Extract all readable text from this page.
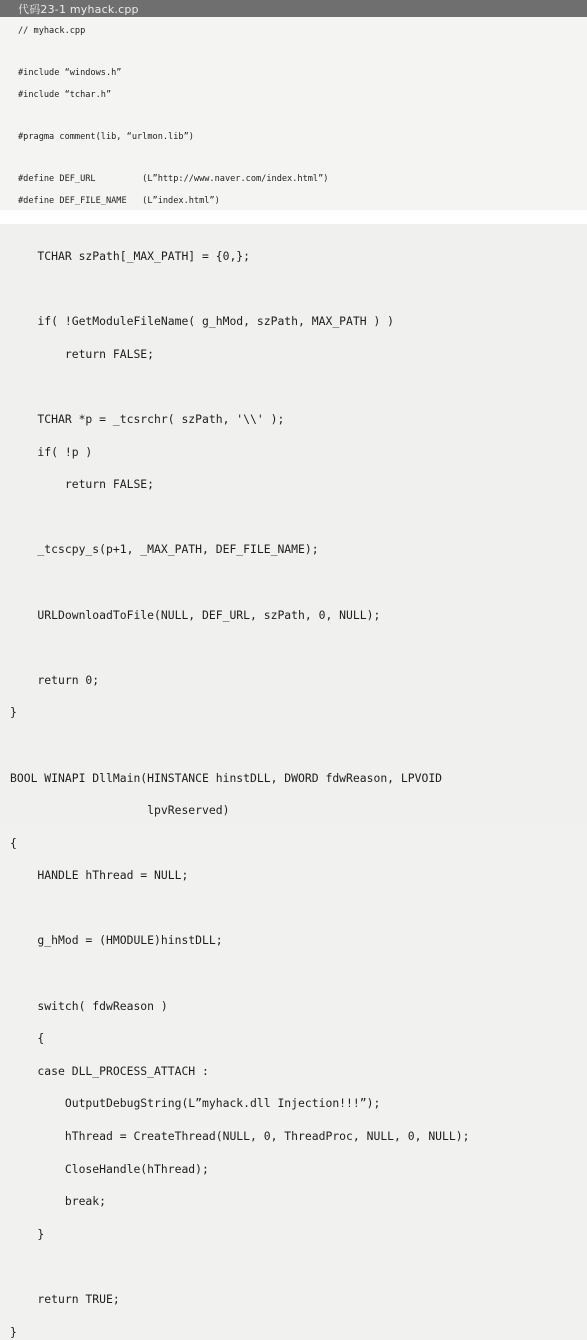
代码23-1 myhack.cpp
// myhack.cpp

#include “windows.h”

#include “tchar.h”

#pragma comment(lib, “urlmon.lib”)

#define DEF_URL         (L”http://www.naver.com/index.html”)

#define DEF_FILE_NAME   (L”index.html”)

TCHAR szPath[_MAX_PATH] = {0,};

if( !GetModuleFileName( g_hMod, szPath, MAX_PATH ) )

return FALSE;

TCHAR *p = _tcsrchr( szPath, '\\' );

if( !p )

return FALSE;

_tcscpy_s(p+1, _MAX_PATH, DEF_FILE_NAME);

URLDownloadToFile(NULL, DEF_URL, szPath, 0, NULL);

return 0;

}

BOOL WINAPI DllMain(HINSTANCE hinstDLL, DWORD fdwReason, LPVOID

lpvReserved)

{

HANDLE hThread = NULL;

g_hMod = (HMODULE)hinstDLL;

switch( fdwReason )

{

case DLL_PROCESS_ATTACH :

OutputDebugString(L”myhack.dll Injection!!!”);

hThread = CreateThread(NULL, 0, ThreadProc, NULL, 0, NULL);

CloseHandle(hThread);

break;

}

return TRUE;

}
